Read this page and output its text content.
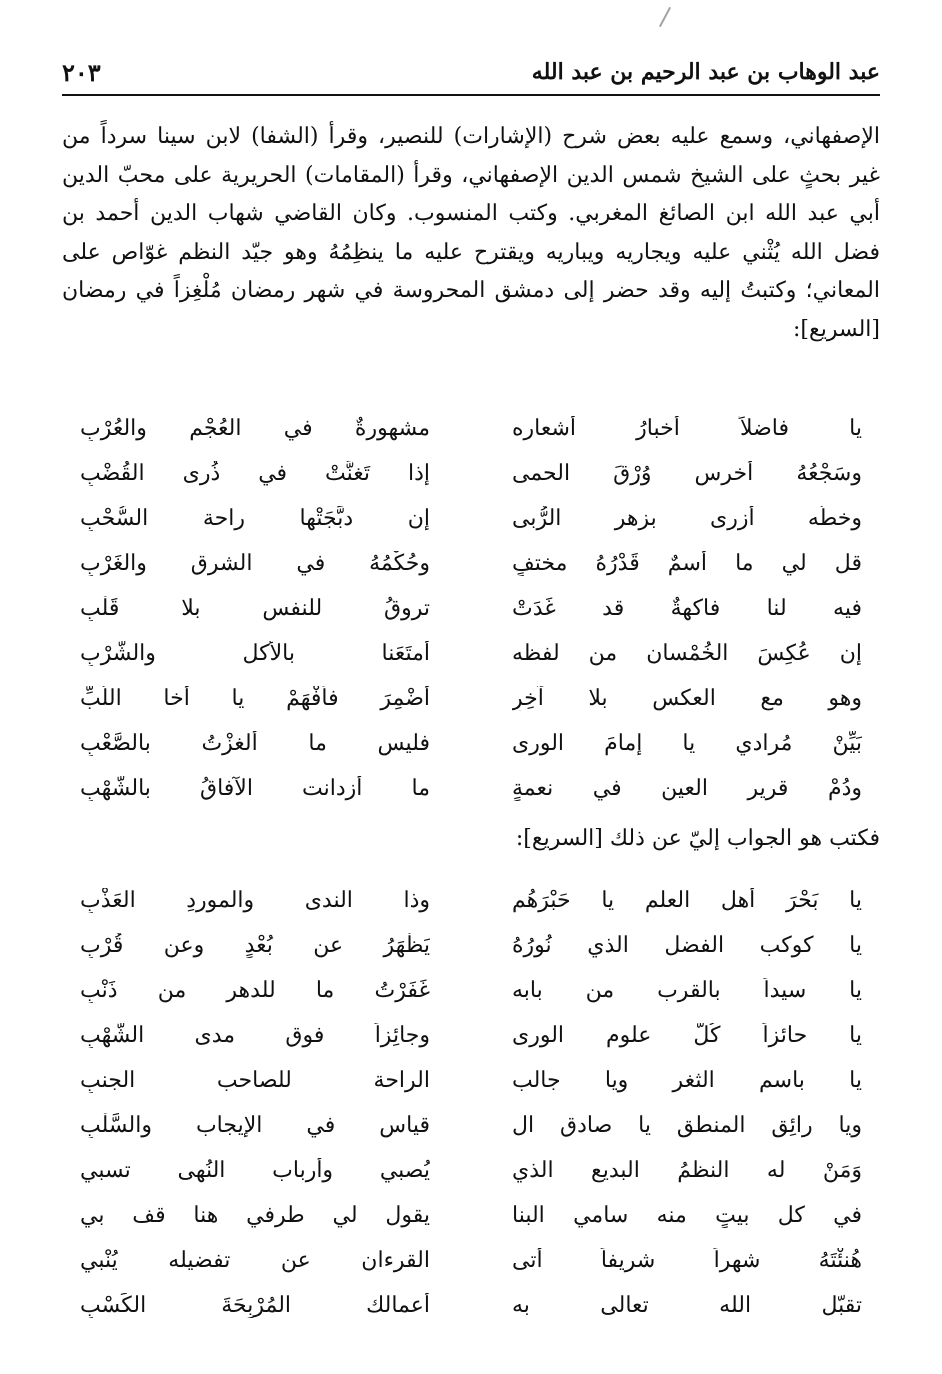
عبد الوهاب بن عبد الرحيم بن عبد الله
٢٠٣

الإصفهاني، وسمع عليه بعض شرح (الإشارات) للنصير، وقرأ (الشفا) لابن سينا سرداً من غير بحثٍ على الشيخ شمس الدين الإصفهاني، وقرأ (المقامات) الحريرية على محبّ الدين أبي عبد الله ابن الصائغ المغربي. وكتب المنسوب. وكان القاضي شهاب الدين أحمد بن فضل الله يُثْني عليه ويجاريه ويباريه ويقترح عليه ما ينظِمُهُ وهو جيّد النظم غوّاص على المعاني؛ وكتبتُ إليه وقد حضر إلى دمشق المحروسة في شهر رمضان مُلْغِزاً في رمضان [السريع]:

يا فاضلاً أخبارُ أشعاره
مشهورةٌ في العُجْمِ والعُرْبِ
وسَجْعُهُ أخرس وُرْقَ الحمى
إذا تَغنَّتْ في ذُرى القُضْبِ
وخطُّه أزرى بزهر الرُّبى
إن دبَّجَتْها راحة السُّحْبِ
قل لي ما أسمٌ قَدْرُهُ مختفٍ
وحُكْمُهُ في الشرق والغَرْبِ
فيه لنا فاكهةٌ قد غَدَتْ
تروقُ للنفس بلا قَلْبِ
إن عُكِسَ الخُمْسان من لفظه
أمتَعَنا بالأكل والشُّرْبِ
وهو مع العكس بلا آخِرٍ
أُضْمِرَ فأفْهَمْ يا أخا اللُّبِّ
بَيِّنْ مُرادي يا إمامَ الورى
فليس ما ألغزْتُ بالصَّعْبِ
ودُمْ قرير العين في نعمةٍ
ما أزدانت الآفاقُ بالشُّهْبِ
فكتب هو الجواب إليّ عن ذلك [السريع]:
يا بَحْرَ أهل العلم يا حَبْرَهُم
وذا الندى والموردِ العَذْبِ
يا كوكب الفضل الذي نُورُهُ
يَظْهَرُ عن بُعْدٍ وعن قُرْبِ
يا سيداً بالقرب من بابه
غَفَرْتُ ما للدهر من ذَنْبِ
يا حائزاً كُلَّ علوم الورى
وجائِزاً فوق مدى الشُّهْبِ
يا باسم الثغر ويا جالب
الراحة للصاحب الجنبِ
ويا رائِق المنطق يا صادق ال
قياس في الإيجاب والسَّلْبِ
وَمَنْ له النظمُ البديع الذي
يُصبي وأرباب النُهى تسبي
في كل بيتٍ منه سامي البنا
يقول لي طرفي هنا قف بي
هُنئْتَهُ شهراً شريفاً أتى
القرءان عن تفضيله يُنْبي
تقبّل الله تعالى به
أعمالك المُرْبِحَةَ الكَسْبِ
